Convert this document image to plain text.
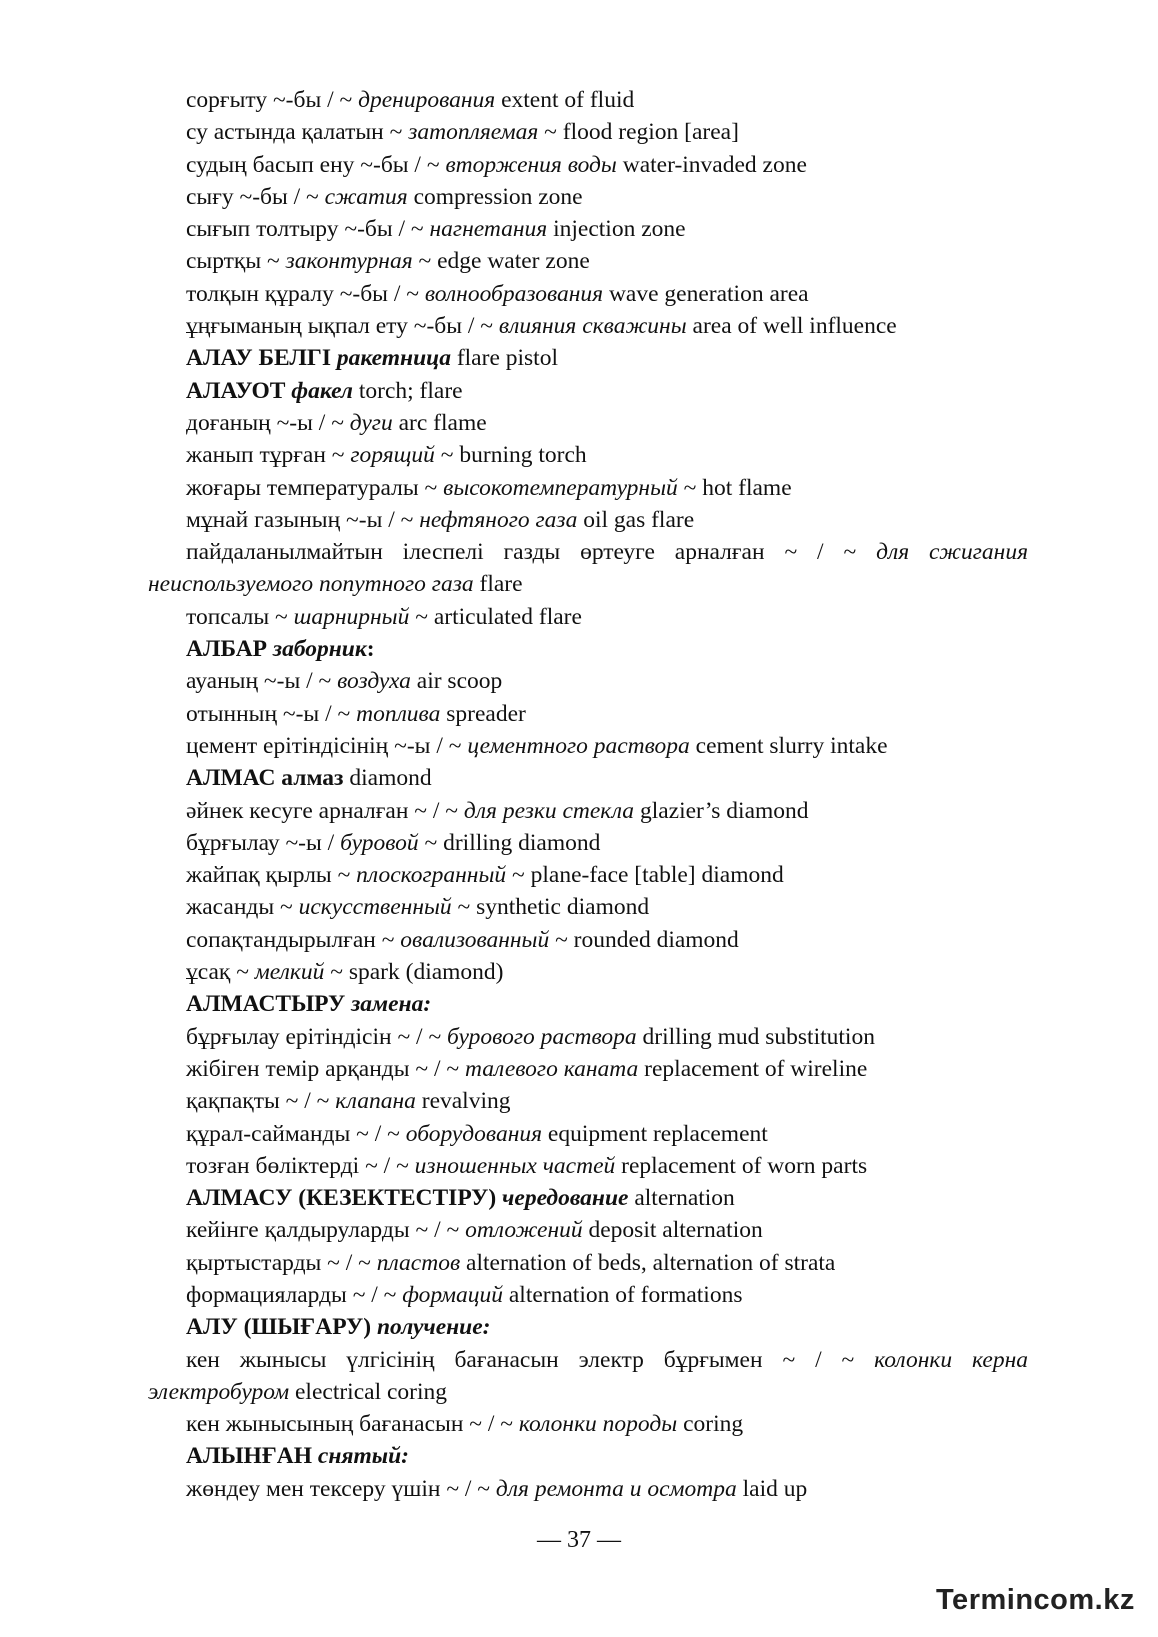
сорғыту ~-бы / ~ дренирования extent of fluid
су астында қалатын ~ затопляемая ~ flood region [area]
судың басып ену ~-бы / ~ вторжения воды water-invaded zone
сығу ~-бы / ~ сжатия compression zone
сығып толтыру ~-бы / ~ нагнетания injection zone
сыртқы ~ законтурная ~ edge water zone
толқын құралу ~-бы / ~ волнообразования wave generation area
ұңғыманың ықпал ету ~-бы / ~ влияния скважины area of well influence
АЛАУ БЕЛГІ ракетница flare pistol
АЛАУОТ факел torch; flare
доғаның ~-ы / ~ дуги arc flame
жанып тұрған ~ горящий ~ burning torch
жоғары температуралы ~ высокотемпературный ~ hot flame
мұнай газының ~-ы / ~ нефтяного газа oil gas flare
пайдаланылмайтын ілеспелі газды өртеуге арналған ~ / ~ для сжигания неиспользуемого попутного газа flare
топсалы ~ шарнирный ~ articulated flare
АЛБАР заборник:
ауаның ~-ы / ~ воздуха air scoop
отынның ~-ы / ~ топлива spreader
цемент ерітіндісінің ~-ы / ~ цементного раствора cement slurry intake
АЛМАС алмаз diamond
әйнек кесуге арналған ~ / ~ для резки стекла glazier’s diamond
бұрғылау ~-ы / буровой ~ drilling diamond
жайпақ қырлы ~ плоскогранный ~ plane-face [table] diamond
жасанды ~ искусственный ~ synthetic diamond
сопақтандырылған ~ овализованный ~ rounded diamond
ұсақ ~ мелкий ~ spark (diamond)
АЛМАСТЫРУ замена:
бұрғылау ерітіндісін ~ / ~ бурового раствора drilling mud substitution
жібіген темір арқанды ~ / ~ талевого каната replacement of wireline
қақпақты ~ / ~ клапана revalving
құрал-сайманды ~ / ~ оборудования equipment replacement
тозған бөліктерді ~ / ~ изношенных частей replacement of worn parts
АЛМАСУ (КЕЗЕКТЕСТІРУ) чередование alternation
кейінге қалдыруларды ~ / ~ отложений deposit alternation
қыртыстарды ~ / ~ пластов alternation of beds, alternation of strata
формацияларды ~ / ~ формаций alternation of formations
АЛУ (ШЫҒАРУ) получение:
кен жынысы үлгісінің бағанасын электр бұрғымен ~ / ~ колонки керна электробуром electrical coring
кен жынысының бағанасын ~ / ~ колонки породы coring
АЛЫНҒАН снятый:
жөндеу мен тексеру үшін ~ / ~ для ремонта и осмотра laid up
— 37 —
Termincom.kz
